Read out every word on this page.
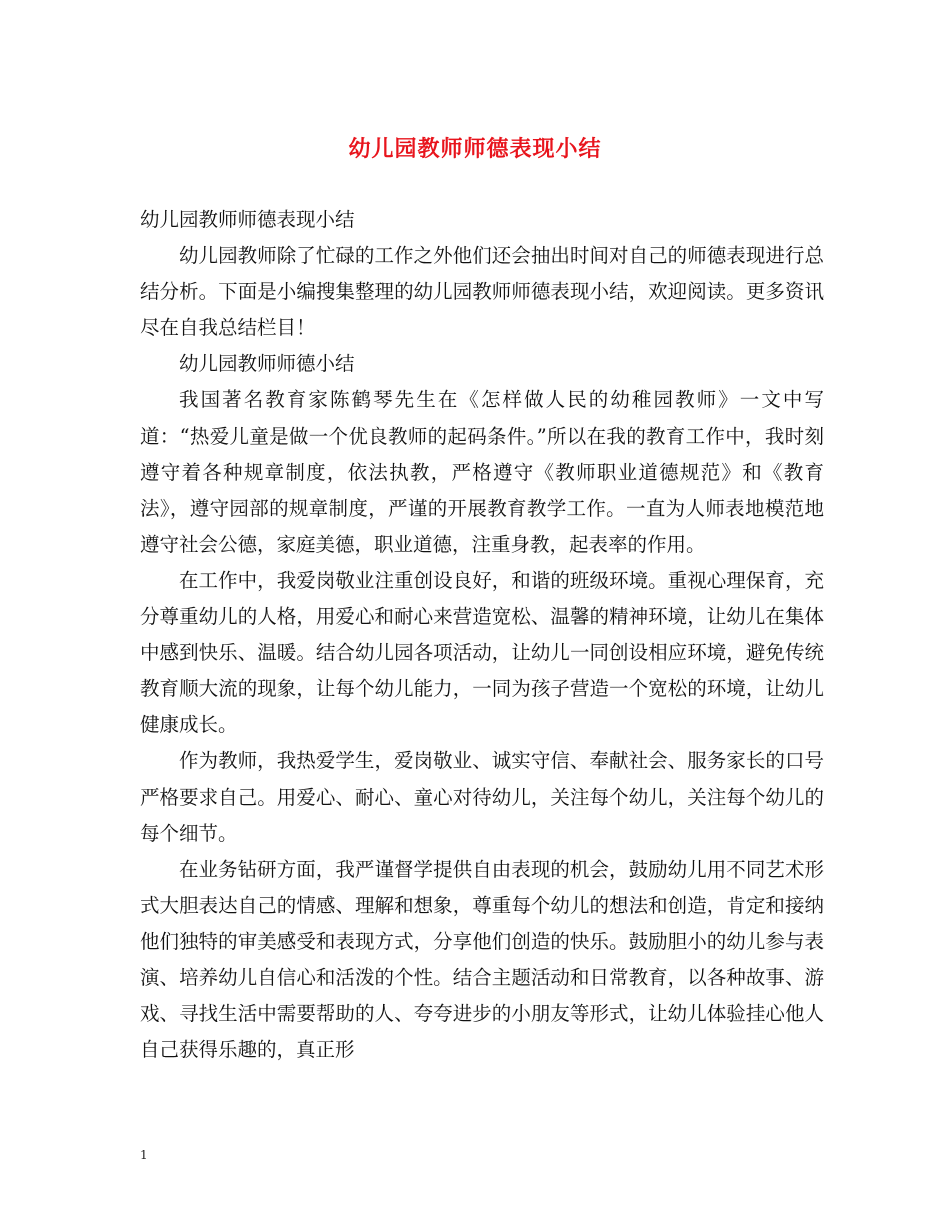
幼儿园教师师德表现小结

幼儿园教师师德表现小结

幼儿园教师除了忙碌的工作之外他们还会抽出时间对自己的师德表现进行总结分析。下面是小编搜集整理的幼儿园教师师德表现小结，欢迎阅读。更多资讯尽在自我总结栏目！

幼儿园教师师德小结

我国著名教育家陈鹤琴先生在《怎样做人民的幼稚园教师》一文中写道：“热爱儿童是做一个优良教师的起码条件。”所以在我的教育工作中，我时刻遵守着各种规章制度，依法执教，严格遵守《教师职业道德规范》和《教育法》，遵守园部的规章制度，严谨的开展教育教学工作。一直为人师表地模范地遵守社会公德，家庭美德，职业道德，注重身教，起表率的作用。

在工作中，我爱岗敬业注重创设良好，和谐的班级环境。重视心理保育，充分尊重幼儿的人格，用爱心和耐心来营造宽松、温馨的精神环境，让幼儿在集体中感到快乐、温暖。结合幼儿园各项活动，让幼儿一同创设相应环境，避免传统教育顺大流的现象，让每个幼儿能力，一同为孩子营造一个宽松的环境，让幼儿健康成长。

作为教师，我热爱学生，爱岗敬业、诚实守信、奉献社会、服务家长的口号严格要求自己。用爱心、耐心、童心对待幼儿，关注每个幼儿，关注每个幼儿的每个细节。

在业务钻研方面，我严谨督学提供自由表现的机会，鼓励幼儿用不同艺术形式大胆表达自己的情感、理解和想象，尊重每个幼儿的想法和创造，肯定和接纳他们独特的审美感受和表现方式，分享他们创造的快乐。鼓励胆小的幼儿参与表演、培养幼儿自信心和活泼的个性。结合主题活动和日常教育，以各种故事、游戏、寻找生活中需要帮助的人、夸夸进步的小朋友等形式，让幼儿体验挂心他人自己获得乐趣的，真正形

1
